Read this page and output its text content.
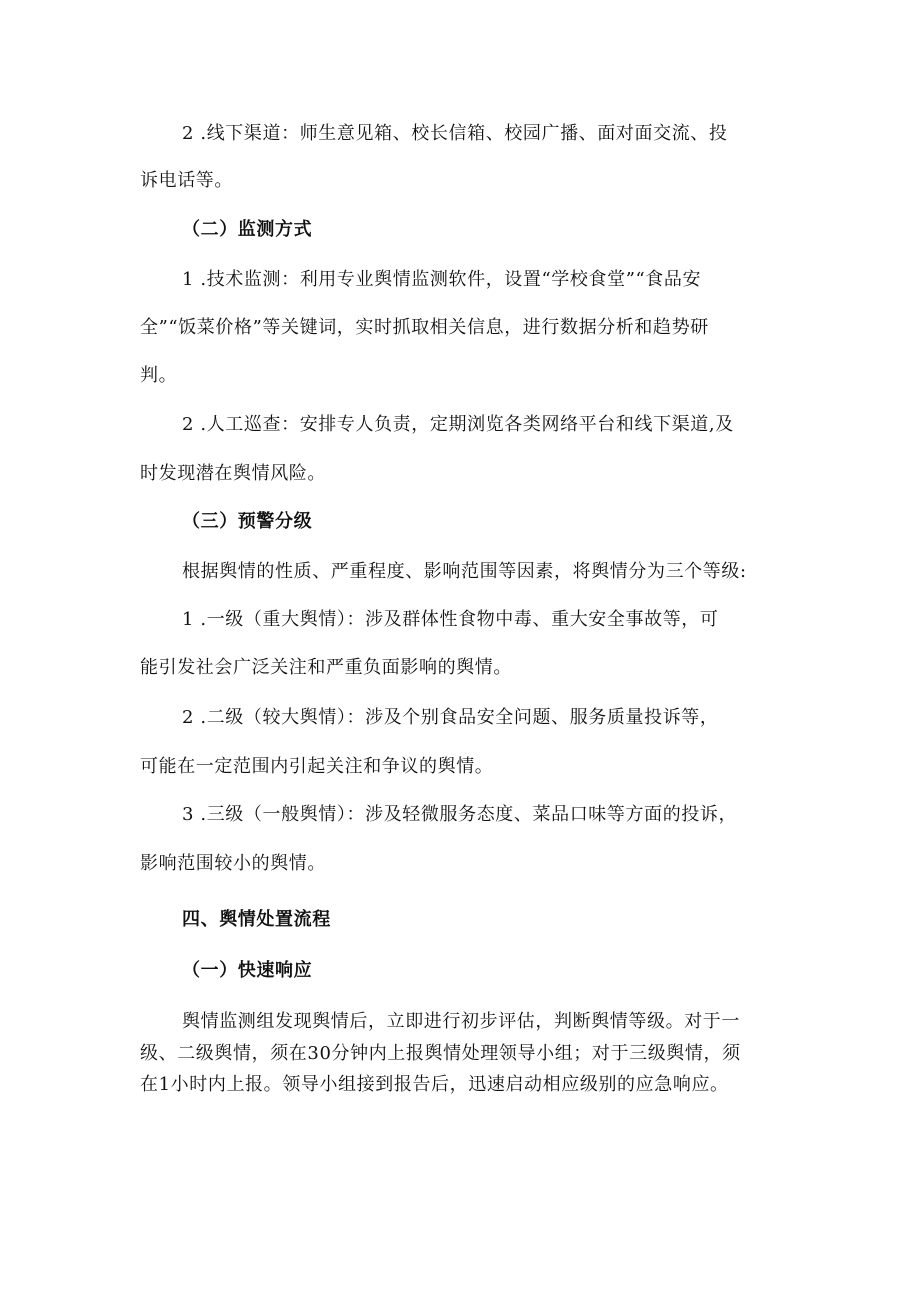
2 .线下渠道：师生意见箱、校长信箱、校园广播、面对面交流、投
诉电话等。
（二）监测方式
1 .技术监测：利用专业舆情监测软件，设置“学校食堂”“食品安
全”“饭菜价格”等关键词，实时抓取相关信息，进行数据分析和趋势研
判。
2 .人工巡查：安排专人负责，定期浏览各类网络平台和线下渠道,及
时发现潜在舆情风险。
（三）预警分级
根据舆情的性质、严重程度、影响范围等因素，将舆情分为三个等级:
1 .一级（重大舆情）：涉及群体性食物中毒、重大安全事故等，可
能引发社会广泛关注和严重负面影响的舆情。
2 .二级（较大舆情）：涉及个别食品安全问题、服务质量投诉等，
可能在一定范围内引起关注和争议的舆情。
3 .三级（一般舆情）：涉及轻微服务态度、菜品口味等方面的投诉，
影响范围较小的舆情。
四、舆情处置流程
（一）快速响应
舆情监测组发现舆情后，立即进行初步评估，判断舆情等级。对于一
级、二级舆情，须在30分钟内上报舆情处理领导小组；对于三级舆情，须
在1小时内上报。领导小组接到报告后，迅速启动相应级别的应急响应。
